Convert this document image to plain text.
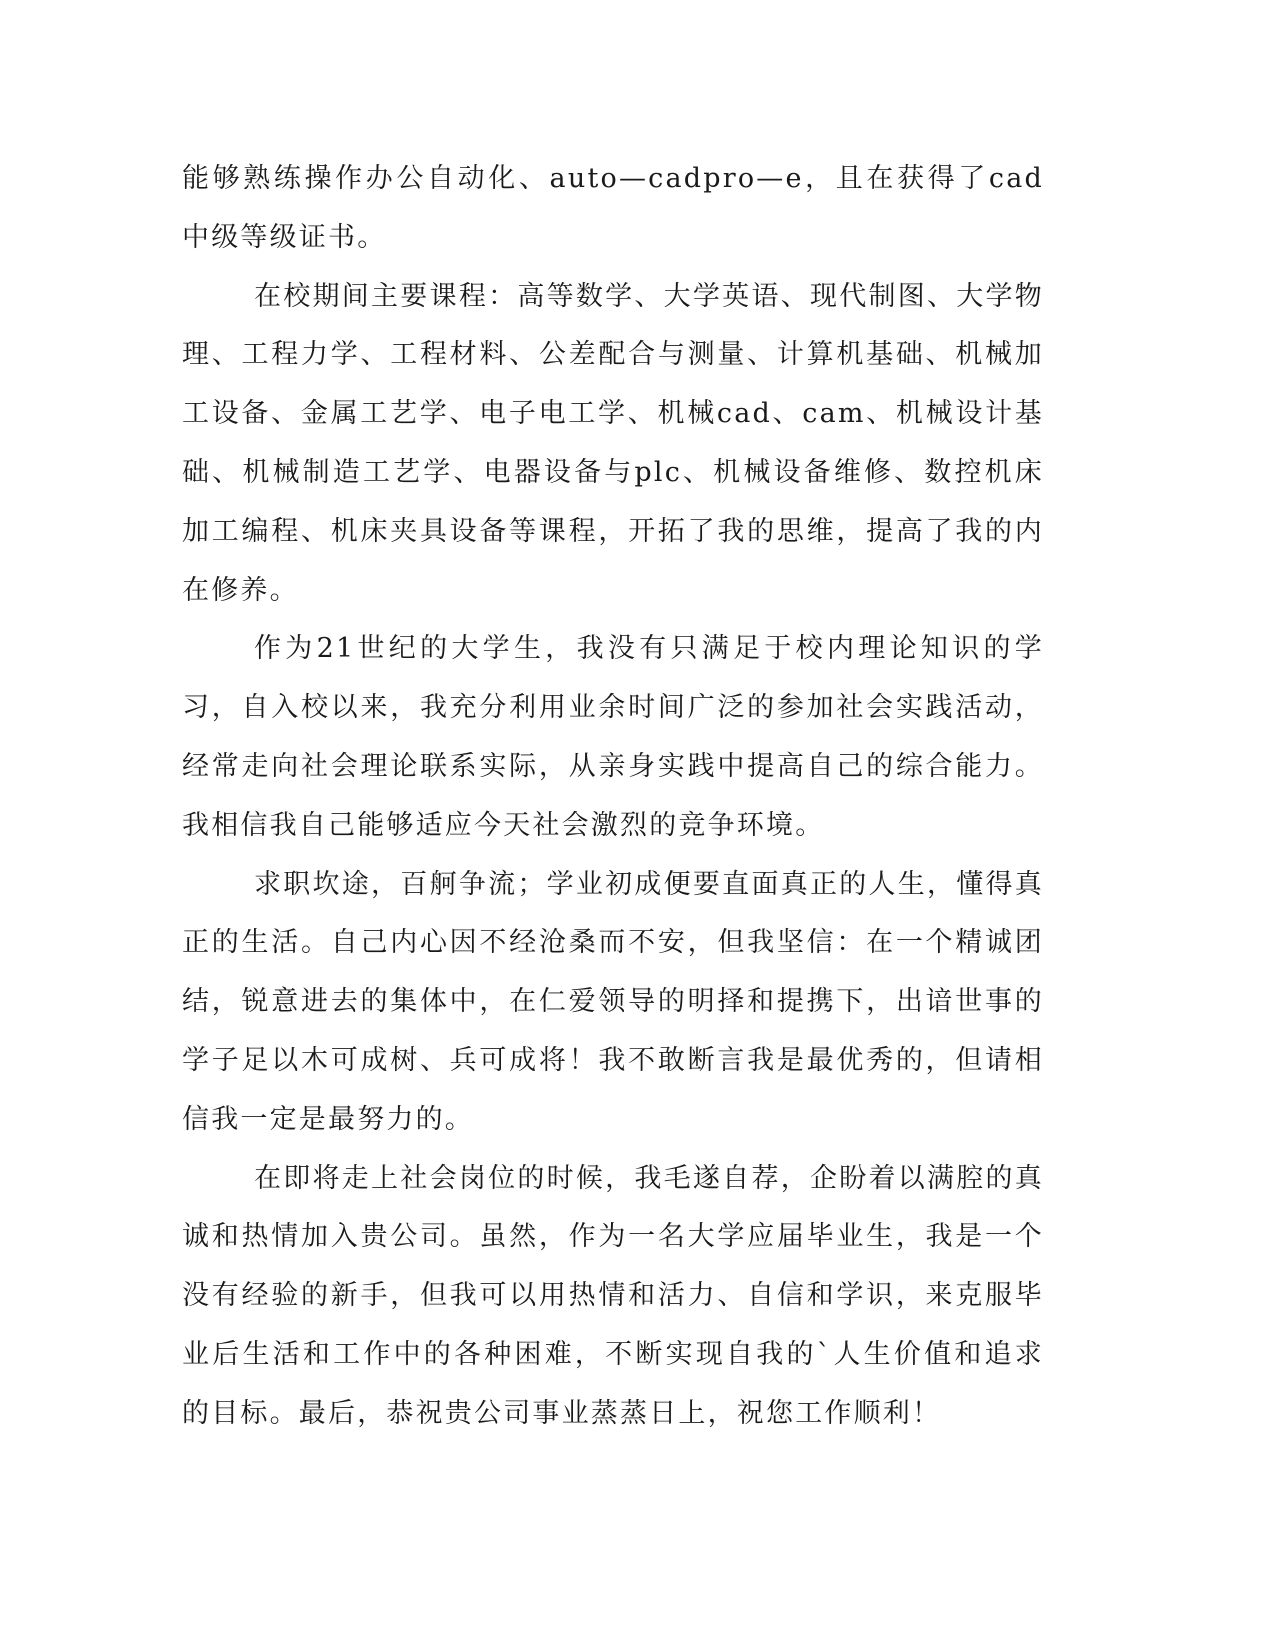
能够熟练操作办公自动化、auto—cadpro—e，且在获得了cad中级等级证书。

在校期间主要课程：高等数学、大学英语、现代制图、大学物理、工程力学、工程材料、公差配合与测量、计算机基础、机械加工设备、金属工艺学、电子电工学、机械cad、cam、机械设计基础、机械制造工艺学、电器设备与plc、机械设备维修、数控机床加工编程、机床夹具设备等课程，开拓了我的思维，提高了我的内在修养。

作为21世纪的大学生，我没有只满足于校内理论知识的学习，自入校以来，我充分利用业余时间广泛的参加社会实践活动，经常走向社会理论联系实际，从亲身实践中提高自己的综合能力。我相信我自己能够适应今天社会激烈的竞争环境。

求职坎途，百舸争流；学业初成便要直面真正的人生，懂得真正的生活。自己内心因不经沧桑而不安，但我坚信：在一个精诚团结，锐意进去的集体中，在仁爱领导的明择和提携下，出谙世事的学子足以木可成树、兵可成将！我不敢断言我是最优秀的，但请相信我一定是最努力的。

在即将走上社会岗位的时候，我毛遂自荐，企盼着以满腔的真诚和热情加入贵公司。虽然，作为一名大学应届毕业生，我是一个没有经验的新手，但我可以用热情和活力、自信和学识，来克服毕业后生活和工作中的各种困难，不断实现自我的`人生价值和追求的目标。最后，恭祝贵公司事业蒸蒸日上，祝您工作顺利！
